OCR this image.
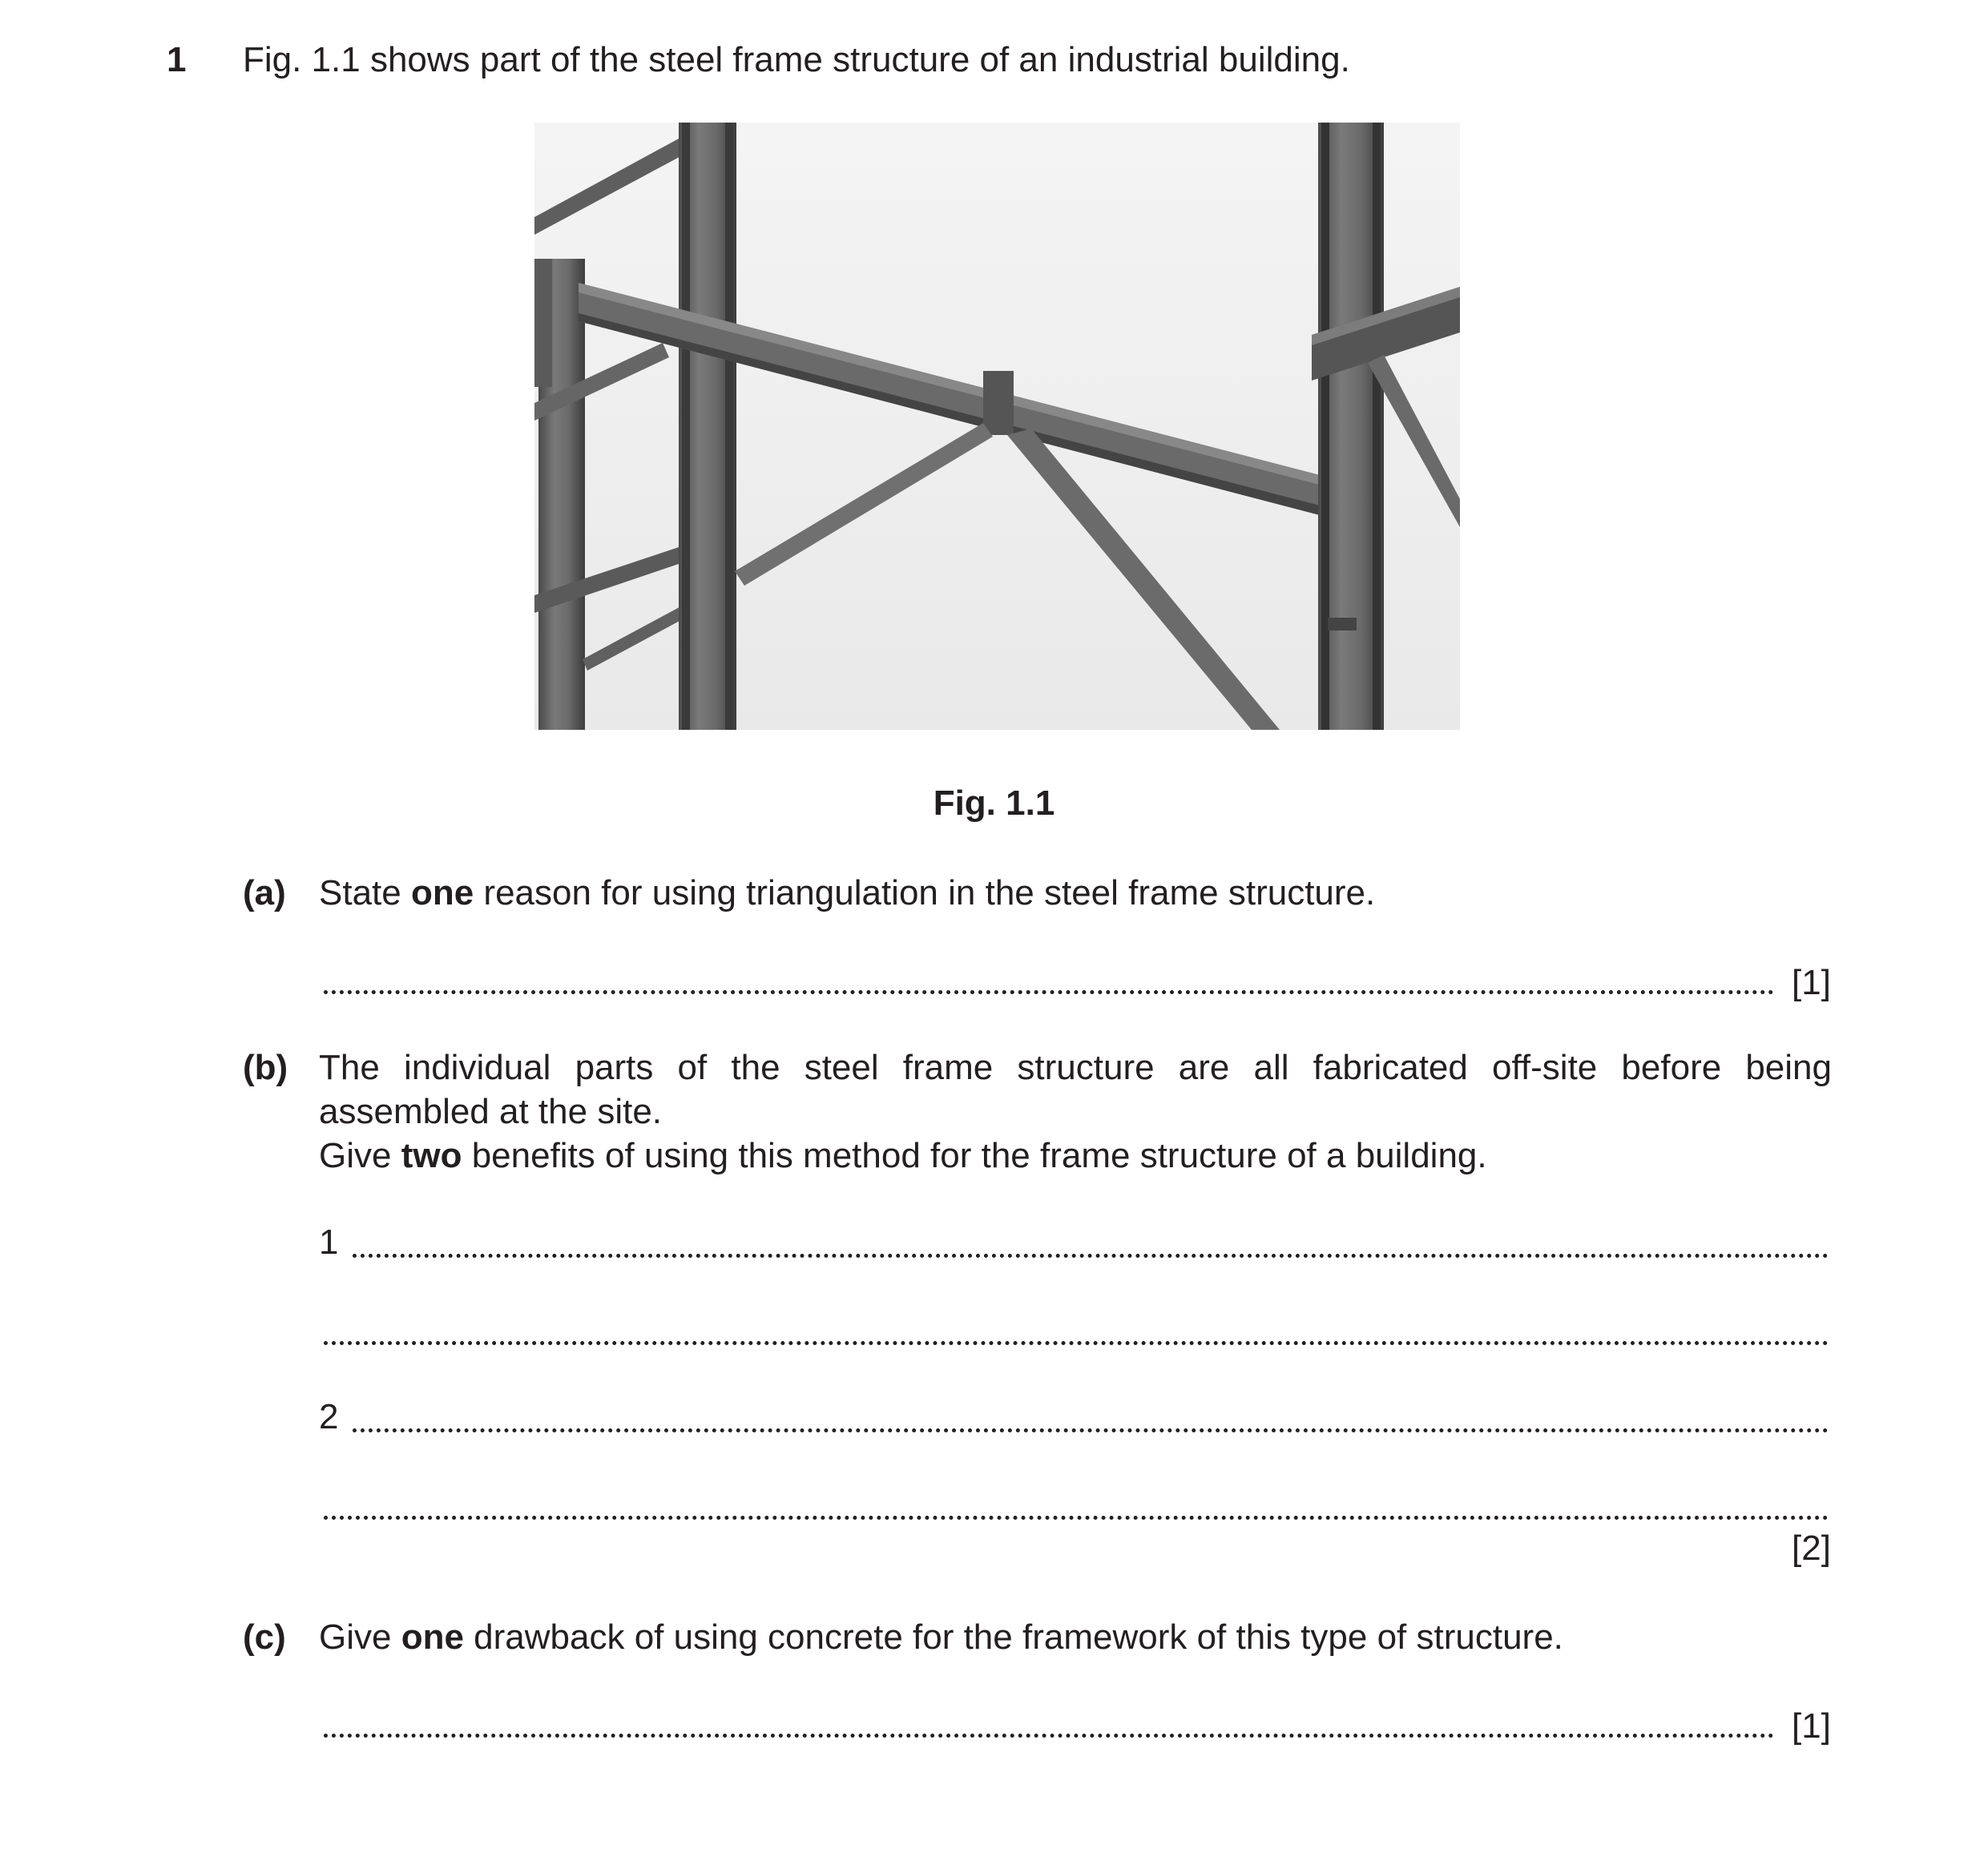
1 Fig. 1.1 shows part of the steel frame structure of an industrial building.
Fig. 1.1
(a) State one reason for using triangulation in the steel frame structure.
[1]
(b) The individual parts of the steel frame structure are all fabricated off-site before being
assembled at the site.
Give two benefits of using this method for the frame structure of a building.
1
2
[2]
(c) Give one drawback of using concrete for the framework of this type of structure.
[1]
